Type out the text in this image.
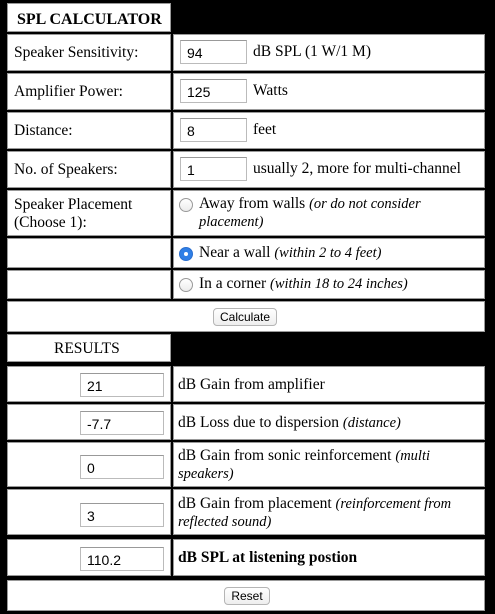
SPL CALCULATOR
Speaker Sensitivity:
94	dB SPL (1 W/1 M)
Amplifier Power:
125	Watts
Distance:
8	feet
No. of Speakers:
1	usually 2, more for multi-channel
Speaker Placement
(Choose 1):
Away from walls (or do not consider placement)
Near a wall (within 2 to 4 feet)
In a corner (within 18 to 24 inches)
Calculate
RESULTS
21
dB Gain from amplifier
-7.7
dB Loss due to dispersion (distance)
0
dB Gain from sonic reinforcement (multi speakers)
3
dB Gain from placement (reinforcement from reflected sound)
110.2
dB SPL at listening postion
Reset
